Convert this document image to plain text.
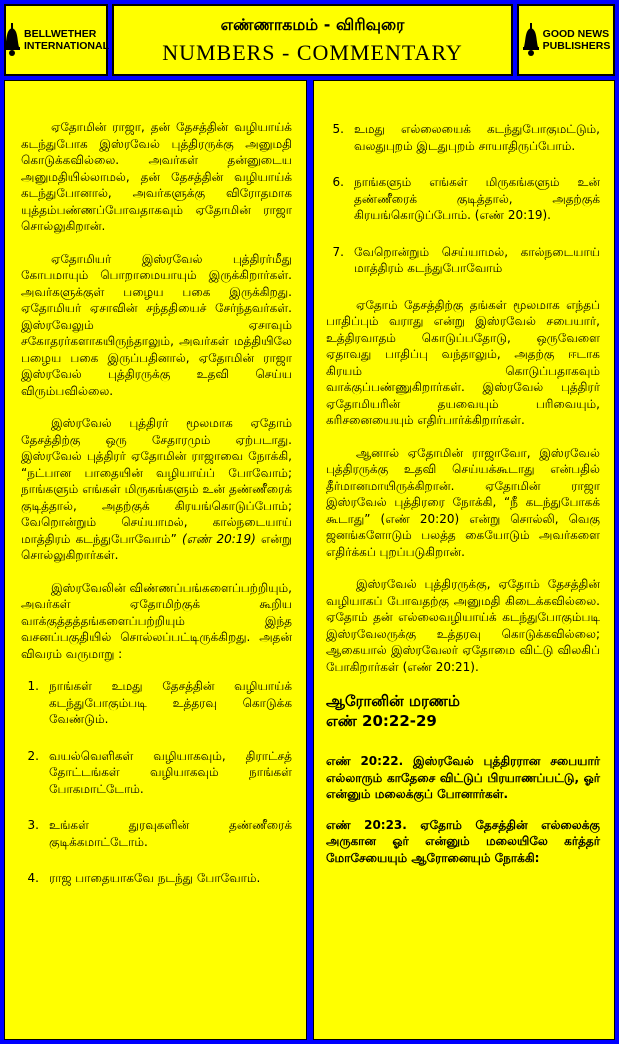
BELLWETHER
INTERNATIONAL
எண்ணாகமம் - விரிவுரை
NUMBERS - COMMENTARY
GOOD NEWS
PUBLISHERS

ஏதோமின் ராஜா, தன் தேசத்தின் வழியாய்க் கடந்துபோக இஸ்ரவேல் புத்திரருக்கு அனுமதி கொடுக்கவில்லை. அவர்கள் தன்னுடைய அனுமதியில்லாமல், தன் தேசத்தின் வழியாய்க் கடந்துபோனால், அவர்களுக்கு விரோதமாக யுத்தம்பண்ணப்போவதாகவும் ஏதோமின் ராஜா சொல்லுகிறான்.

ஏதோமியர் இஸ்ரவேல் புத்திரர்மீது கோபமாயும் பொறாமையாயும் இருக்கிறார்கள். அவர்களுக்குள் பழைய பகை இருக்கிறது. ஏதோமியர் ஏசாவின் சந்ததியைச் சேர்ந்தவர்கள். இஸ்ரவேலும் ஏசாவும் சகோதரர்களாகயிருந்தாலும், அவர்கள் மத்தியிலே பழைய பகை இருப்பதினால், ஏதோமின் ராஜா இஸ்ரவேல் புத்திரருக்கு உதவி செய்ய விரும்பவில்லை.

இஸ்ரவேல் புத்திரர் மூலமாக ஏதோம் தேசத்திற்கு ஒரு சேதாரமும் ஏற்படாது. இஸ்ரவேல் புத்திரர் ஏதோமின் ராஜாவை நோக்கி, “நட்பான பாதையின் வழியாய்ப் போவோம்; நாங்களும் எங்கள் மிருகங்களும் உன் தண்ணீரைக் குடித்தால், அதற்குக் கிரயங்கொடுப்போம்; வேறொன்றும் செய்யாமல், கால்நடையாய் மாத்திரம் கடந்துபோவோம்” (எண் 20:19) என்று சொல்லுகிறார்கள்.

இஸ்ரவேலின் விண்ணப்பங்களைப்பற்றியும், அவர்கள் ஏதோமிற்குக் கூறிய வாக்குத்தத்தங்களைப்பற்றியும் இந்த வசனப்பகுதியில் சொல்லப்பட்டிருக்கிறது. அதன் விவரம் வருமாறு :

1. நாங்கள் உமது தேசத்தின் வழியாய்க் கடந்துபோகும்படி உத்தரவு கொடுக்க வேண்டும்.
2. வயல்வெளிகள் வழியாகவும், திராட்சத் தோட்டங்கள் வழியாகவும் நாங்கள் போகமாட்டோம்.
3. உங்கள் துரவுகளின் தண்ணீரைக் குடிக்கமாட்டோம்.
4. ராஜ பாதையாகவே நடந்து போவோம்.
5. உமது எல்லையைக் கடந்துபோகுமட்டும், வலதுபுறம் இடதுபுறம் சாயாதிருப்போம்.
6. நாங்களும் எங்கள் மிருகங்களும் உன் தண்ணீரைக் குடித்தால், அதற்குக் கிரயங்கொடுப்போம். (எண் 20:19).
7. வேறொன்றும் செய்யாமல், கால்நடையாய் மாத்திரம் கடந்துபோவோம்

ஏதோம் தேசத்திற்கு தங்கள் மூலமாக எந்தப் பாதிப்பும் வராது என்று இஸ்ரவேல் சபையார், உத்திரவாதம் கொடுப்பதோடு, ஒருவேளை ஏதாவது பாதிப்பு வந்தாலும், அதற்கு ஈடாக கிரயம் கொடுப்பதாகவும் வாக்குப்பண்ணுகிறார்கள். இஸ்ரவேல் புத்திரர் ஏதோமியரின் தயவையும் பரிவையும், கரிசனையையும் எதிர்பார்க்கிறார்கள்.

ஆனால் ஏதோமின் ராஜாவோ, இஸ்ரவேல் புத்திரருக்கு உதவி செய்யக்கூடாது என்பதில் தீர்மானமாயிருக்கிறான். ஏதோமின் ராஜா இஸ்ரவேல் புத்திரரை நோக்கி, “நீ கடந்துபோகக் கூடாது” (எண் 20:20) என்று சொல்லி, வெகு ஜனங்களோடும் பலத்த கையோடும் அவர்களை எதிர்க்கப் புறப்படுகிறான்.

இஸ்ரவேல் புத்திரருக்கு, ஏதோம் தேசத்தின் வழியாகப் போவதற்கு அனுமதி கிடைக்கவில்லை. ஏதோம் தன் எல்லைவழியாய்க் கடந்துபோகும்படி இஸ்ரவேலருக்கு உத்தரவு கொடுக்கவில்லை; ஆகையால் இஸ்ரவேலர் ஏதோமை விட்டு விலகிப் போகிறார்கள் (எண் 20:21).

ஆரோனின் மரணம்
எண் 20:22-29

எண் 20:22. இஸ்ரவேல் புத்திரரான சபையார் எல்லாரும் காதேசை விட்டுப் பிரயாணப்பட்டு, ஓர் என்னும் மலைக்குப் போனார்கள்.

எண் 20:23. ஏதோம் தேசத்தின் எல்லைக்கு அருகான ஓர் என்னும் மலையிலே கர்த்தர் மோசேயையும் ஆரோனையும் நோக்கி:
